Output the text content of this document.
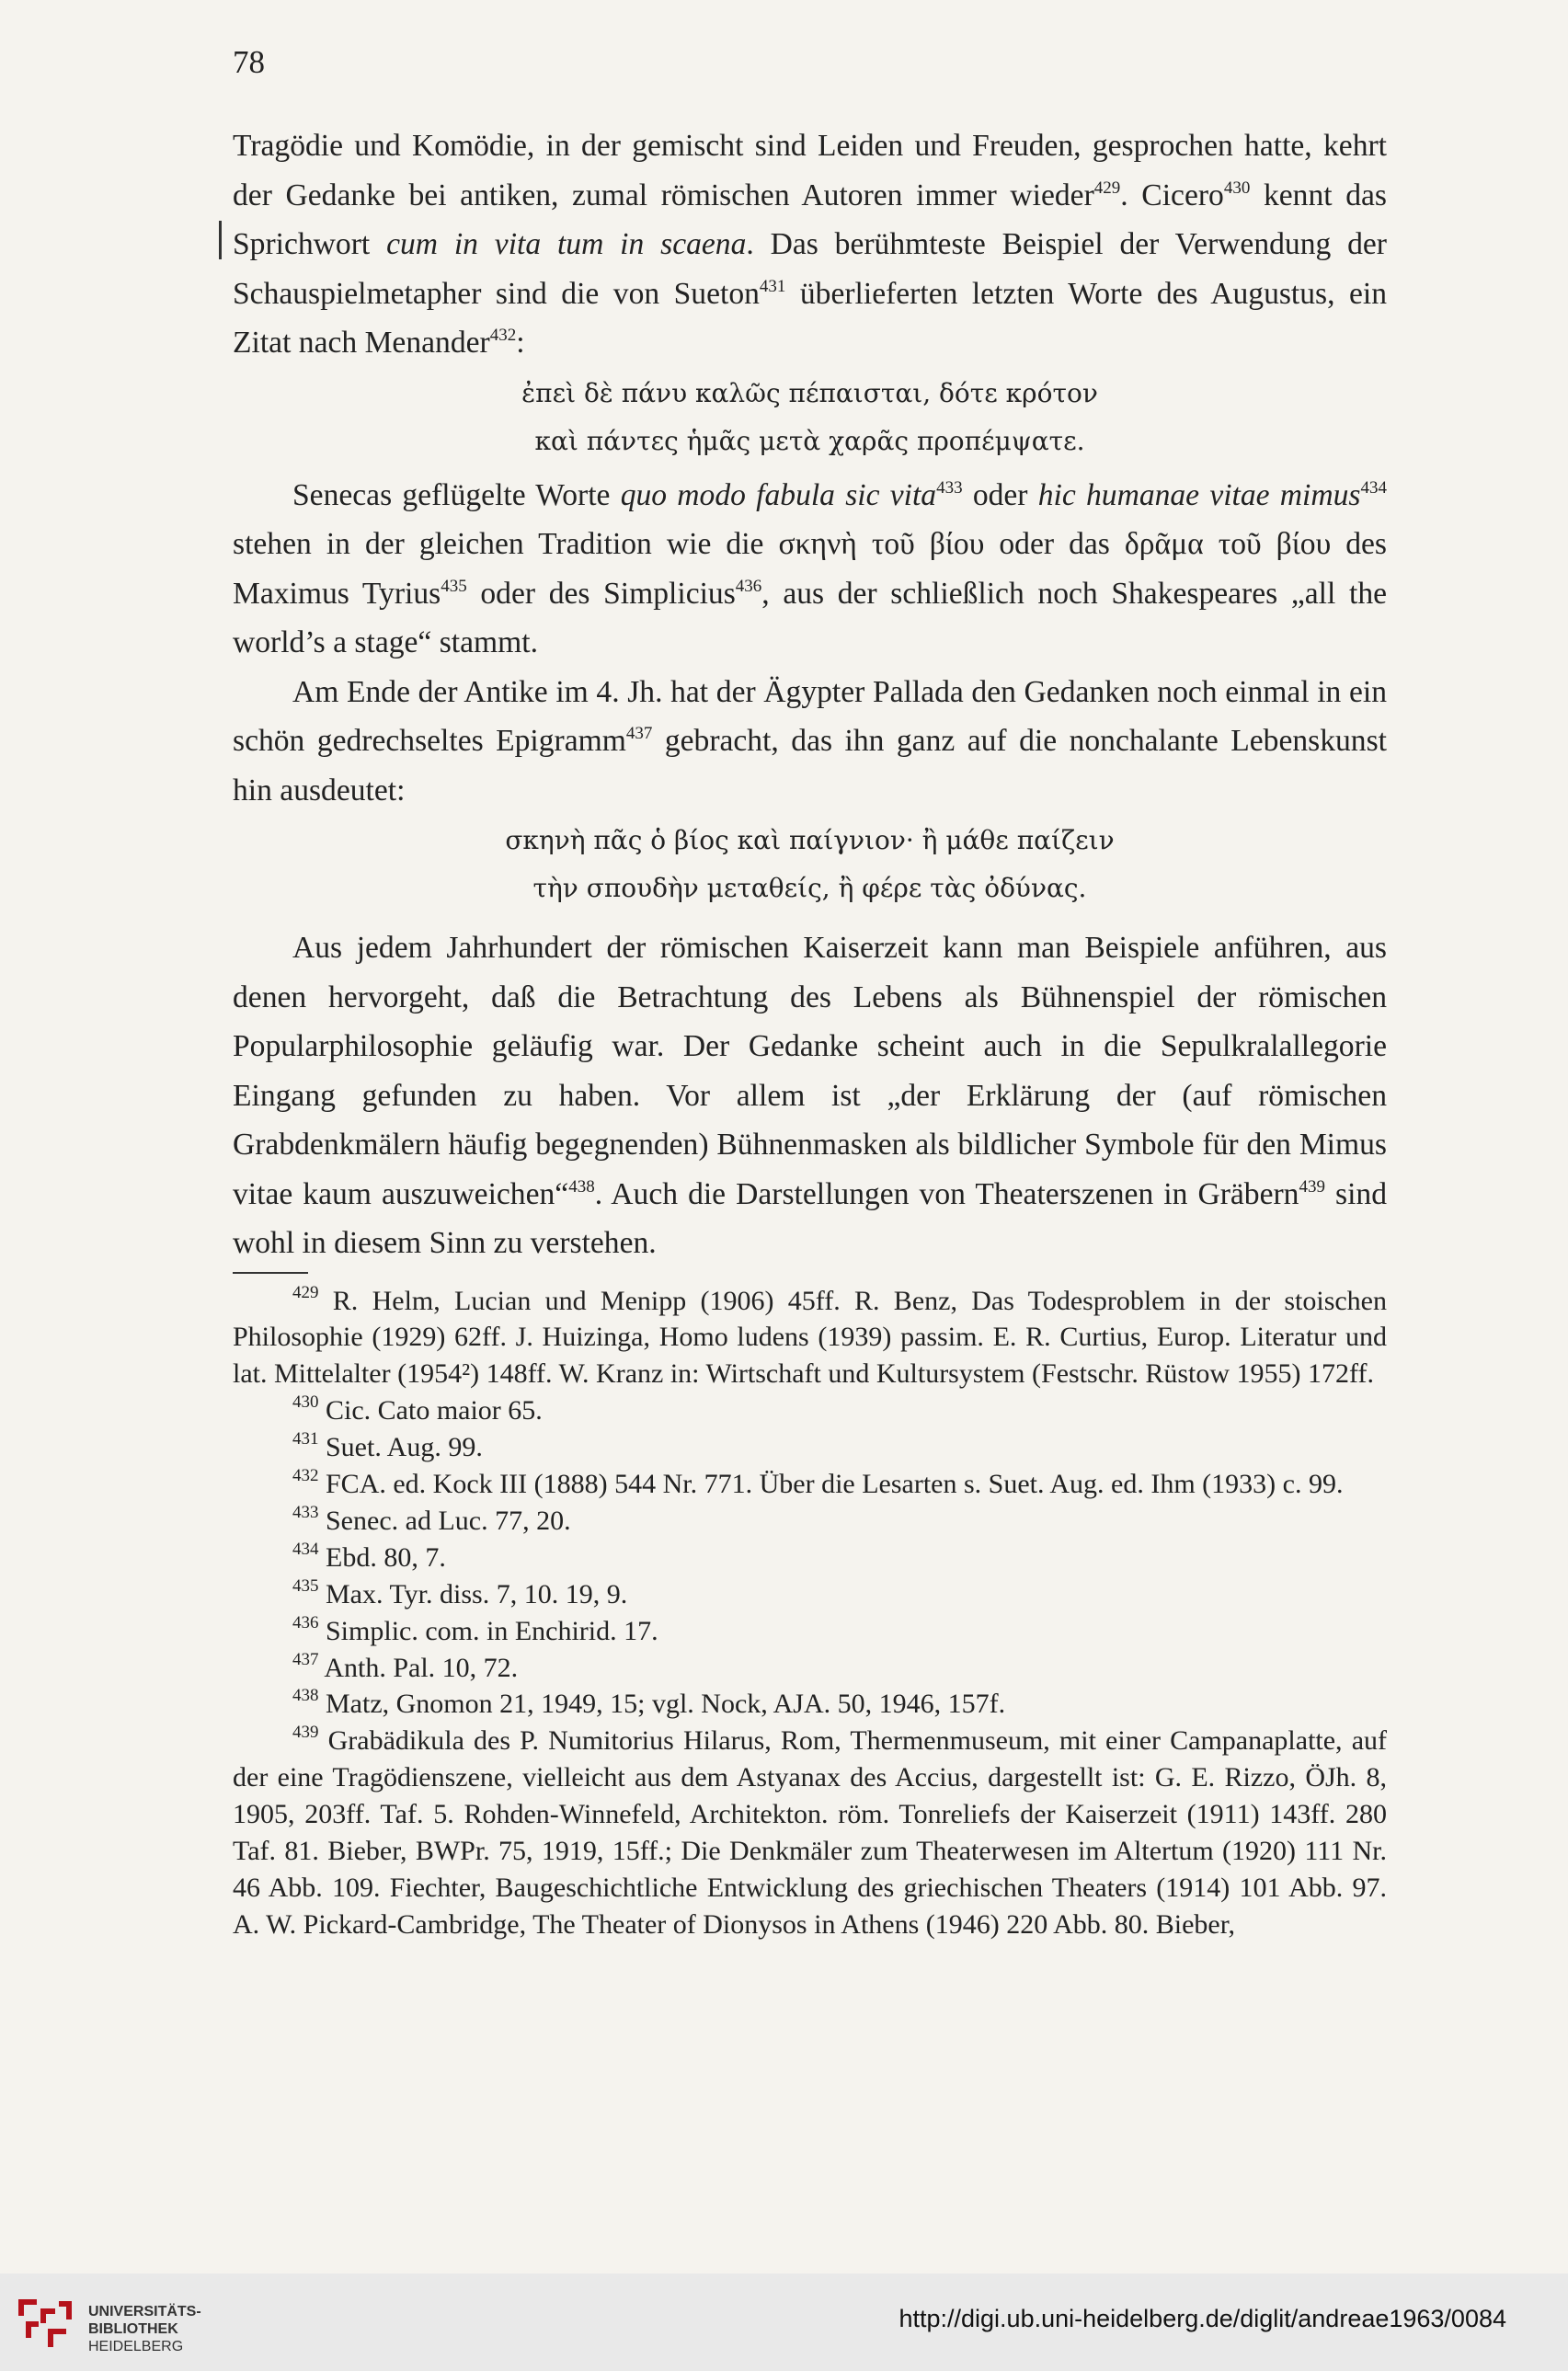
78

Tragödie und Komödie, in der gemischt sind Leiden und Freuden, gesprochen hatte, kehrt der Gedanke bei antiken, zumal römischen Autoren immer wieder$^{429}$. Cicero$^{430}$ kennt das Sprichwort cum in vita tum in scaena. Das berühmteste Beispiel der Verwendung der Schauspielmetapher sind die von Sueton$^{431}$ überlieferten letzten Worte des Augustus, ein Zitat nach Menander$^{432}$:

ἐπεὶ δὲ πάνυ καλῶς πέπαισται, δότε κρότον
καὶ πάντες ἡμᾶς μετὰ χαρᾶς προπέμψατε.

Senecas geflügelte Worte quo modo fabula sic vita$^{433}$ oder hic humanae vitae mimus$^{434}$ stehen in der gleichen Tradition wie die σκηνὴ τοῦ βίου oder das δρᾶμα τοῦ βίου des Maximus Tyrius$^{435}$ oder des Simplicius$^{436}$, aus der schließlich noch Shakespeares „all the world’s a stage“ stammt.

Am Ende der Antike im 4. Jh. hat der Ägypter Pallada den Gedanken noch einmal in ein schön gedrechseltes Epigramm$^{437}$ gebracht, das ihn ganz auf die nonchalante Lebenskunst hin ausdeutet:

σκηνὴ πᾶς ὁ βίος καὶ παίγνιον· ἢ μάθε παίζειν
τὴν σπουδὴν μεταθείς, ἢ φέρε τὰς ὀδύνας.

Aus jedem Jahrhundert der römischen Kaiserzeit kann man Beispiele anführen, aus denen hervorgeht, daß die Betrachtung des Lebens als Bühnenspiel der römischen Popularphilosophie geläufig war. Der Gedanke scheint auch in die Sepulkralallegorie Eingang gefunden zu haben. Vor allem ist „der Erklärung der (auf römischen Grabdenkmälern häufig begegnenden) Bühnenmasken als bildlicher Symbole für den Mimus vitae kaum auszuweichen“$^{438}$. Auch die Darstellungen von Theaterszenen in Gräbern$^{439}$ sind wohl in diesem Sinn zu verstehen.

$^{429}$ R. Helm, Lucian und Menipp (1906) 45ff. R. Benz, Das Todesproblem in der stoischen Philosophie (1929) 62ff. J. Huizinga, Homo ludens (1939) passim. E. R. Curtius, Europ. Literatur und lat. Mittelalter (1954²) 148ff. W. Kranz in: Wirtschaft und Kultursystem (Festschr. Rüstow 1955) 172ff.
$^{430}$ Cic. Cato maior 65.
$^{431}$ Suet. Aug. 99.
$^{432}$ FCA. ed. Kock III (1888) 544 Nr. 771. Über die Lesarten s. Suet. Aug. ed. Ihm (1933) c. 99.
$^{433}$ Senec. ad Luc. 77, 20.
$^{434}$ Ebd. 80, 7.
$^{435}$ Max. Tyr. diss. 7, 10. 19, 9.
$^{436}$ Simplic. com. in Enchirid. 17.
$^{437}$ Anth. Pal. 10, 72.
$^{438}$ Matz, Gnomon 21, 1949, 15; vgl. Nock, AJA. 50, 1946, 157f.
$^{439}$ Grabädikula des P. Numitorius Hilarus, Rom, Thermenmuseum, mit einer Campanaplatte, auf der eine Tragödienszene, vielleicht aus dem Astyanax des Accius, dargestellt ist: G. E. Rizzo, ÖJh. 8, 1905, 203ff. Taf. 5. Rohden-Winnefeld, Architekton. röm. Tonreliefs der Kaiserzeit (1911) 143ff. 280 Taf. 81. Bieber, BWPr. 75, 1919, 15ff.; Die Denkmäler zum Theaterwesen im Altertum (1920) 111 Nr. 46 Abb. 109. Fiechter, Baugeschichtliche Entwicklung des griechischen Theaters (1914) 101 Abb. 97. A. W. Pickard-Cambridge, The Theater of Dionysos in Athens (1946) 220 Abb. 80. Bieber,
UNIVERSITÄTS-
BIBLIOTHEK
HEIDELBERG
http://digi.ub.uni-heidelberg.de/diglit/andreae1963/0084
